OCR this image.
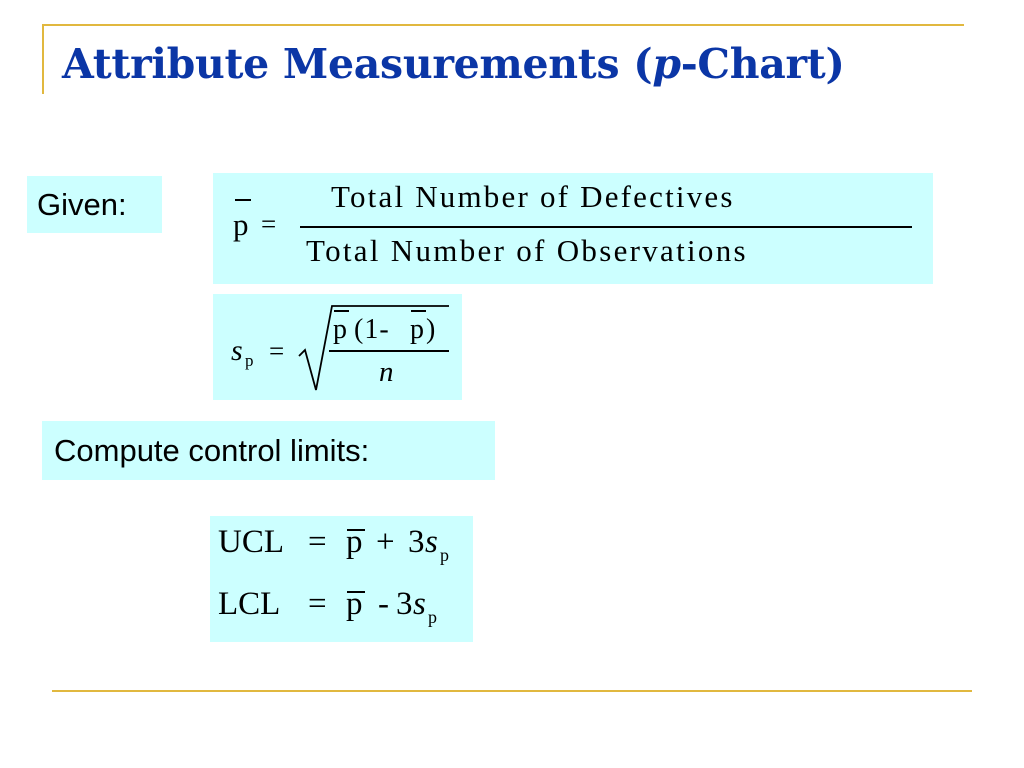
Attribute Measurements (p-Chart)
Given:
p =
Total Number of Defectives
Total Number of Observations
s p =
p (1- p )
n
Compute control limits:
UCL = p + 3 s p
LCL = p - 3 s p
